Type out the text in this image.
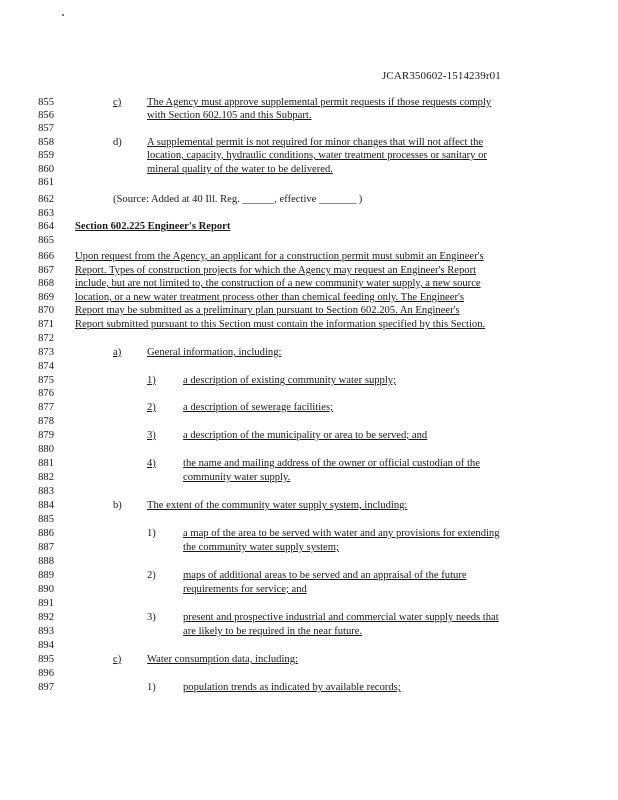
JCAR350602-1514239r01
855
856
857
858
859
860
861
862
863
864
865
866
867
868
869
870
871
872
873
874
875
876
877
878
879
880
881
882
883
884
885
886
887
888
889
890
891
892
893
894
895
896
897
c) The Agency must approve supplemental permit requests if those requests comply
with Section 602.105 and this Subpart.
d) A supplemental permit is not required for minor changes that will not affect the
location, capacity, hydraulic conditions, water treatment processes or sanitary or
mineral quality of the water to be delivered.
(Source: Added at 40 Ill. Reg. ______, effective _______ )
Section 602.225 Engineer's Report
Upon request from the Agency, an applicant for a construction permit must submit an Engineer's
Report. Types of construction projects for which the Agency may request an Engineer's Report
include, but are not limited to, the construction of a new community water supply, a new source
location, or a new water treatment process other than chemical feeding only. The Engineer's
Report may be submitted as a preliminary plan pursuant to Section 602.205. An Engineer's
Report submitted pursuant to this Section must contain the information specified by this Section.
a) General information, including:
1)	a description of existing community water supply;
2)	a description of sewerage facilities;
3)	a description of the municipality or area to be served; and
4)	the name and mailing address of the owner or official custodian of the
community water supply.
b) The extent of the community water supply system, including:
1)	a map of the area to be served with water and any provisions for extending
the community water supply system;
2)	maps of additional areas to be served and an appraisal of the future
requirements for service; and
3)	present and prospective industrial and commercial water supply needs that
are likely to be required in the near future.
c) Water consumption data, including:
1)	population trends as indicated by available records;
